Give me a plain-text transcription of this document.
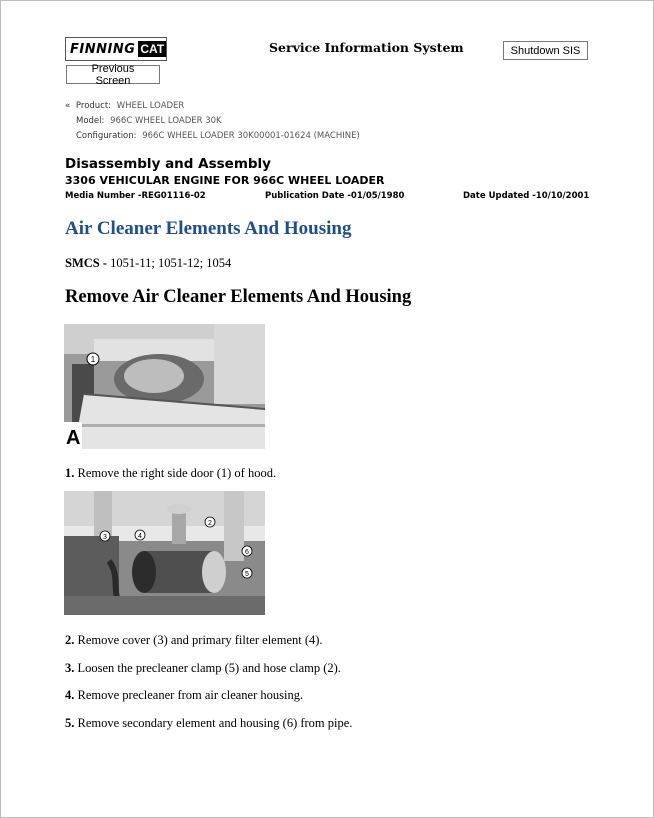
FINNING CAT	Service Information System	Shutdown SIS
Previous Screen
« Product: WHEEL LOADER
Model: 966C WHEEL LOADER 30K
Configuration: 966C WHEEL LOADER 30K00001-01624 (MACHINE)
Disassembly and Assembly
3306 VEHICULAR ENGINE FOR 966C WHEEL LOADER
Media Number -REG01116-02	Publication Date -01/05/1980	Date Updated -10/10/2001
Air Cleaner Elements And Housing
SMCS - 1051-11; 1051-12; 1054
Remove Air Cleaner Elements And Housing
1
A
1. Remove the right side door (1) of hood.
3	4
2
6
5
2. Remove cover (3) and primary filter element (4).
3. Loosen the precleaner clamp (5) and hose clamp (2).
4. Remove precleaner from air cleaner housing.
5. Remove secondary element and housing (6) from pipe.
